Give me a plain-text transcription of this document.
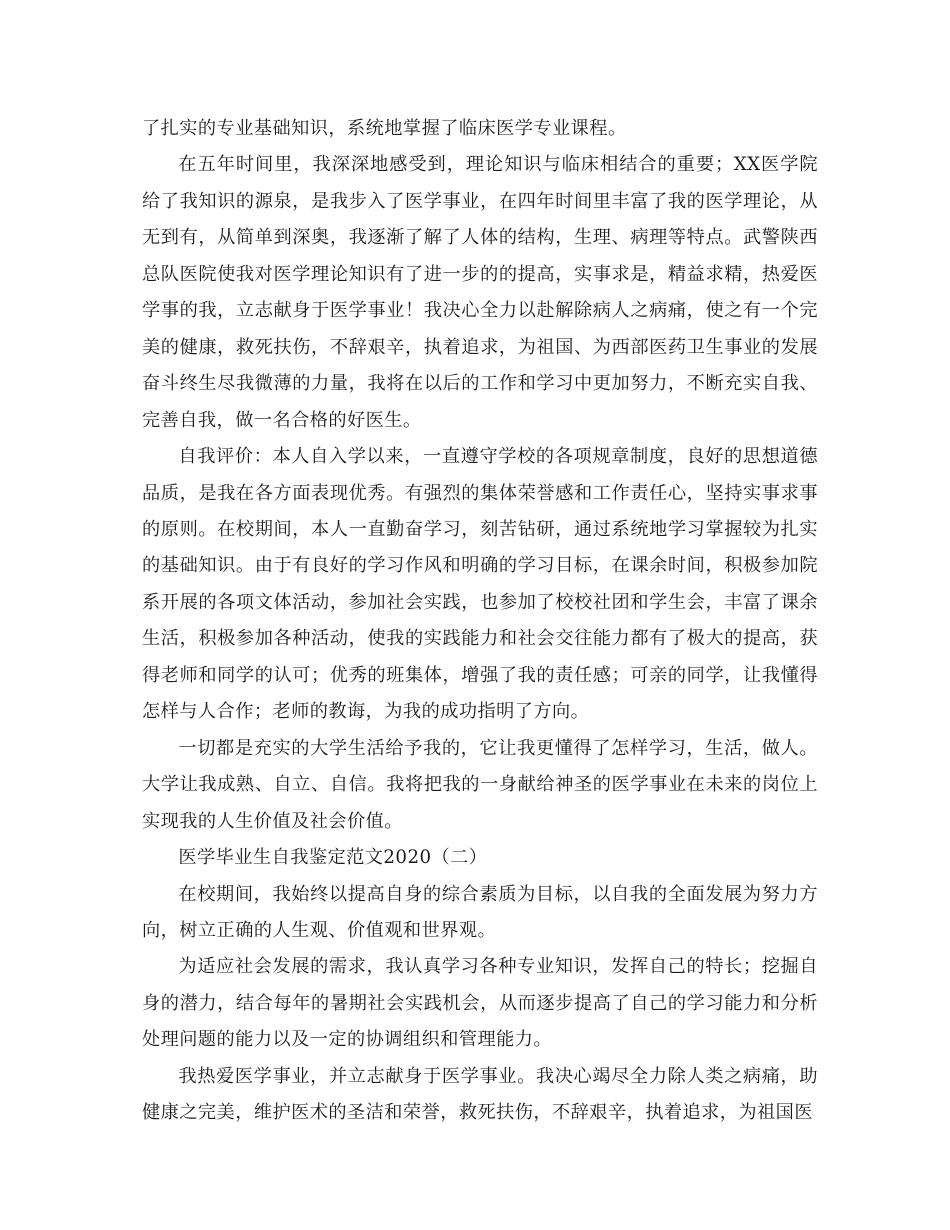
了扎实的专业基础知识，系统地掌握了临床医学专业课程。

在五年时间里，我深深地感受到，理论知识与临床相结合的重要；XX医学院给了我知识的源泉，是我步入了医学事业，在四年时间里丰富了我的医学理论，从无到有，从简单到深奥，我逐渐了解了人体的结构，生理、病理等特点。武警陕西总队医院使我对医学理论知识有了进一步的的提高，实事求是，精益求精，热爱医学事的我，立志献身于医学事业！我决心全力以赴解除病人之病痛，使之有一个完美的健康，救死扶伤，不辞艰辛，执着追求，为祖国、为西部医药卫生事业的发展奋斗终生尽我微薄的力量，我将在以后的工作和学习中更加努力，不断充实自我、完善自我，做一名合格的好医生。

自我评价：本人自入学以来，一直遵守学校的各项规章制度，良好的思想道德品质，是我在各方面表现优秀。有强烈的集体荣誉感和工作责任心，坚持实事求事的原则。在校期间，本人一直勤奋学习，刻苦钻研，通过系统地学习掌握较为扎实的基础知识。由于有良好的学习作风和明确的学习目标，在课余时间，积极参加院系开展的各项文体活动，参加社会实践，也参加了校校社团和学生会，丰富了课余生活，积极参加各种活动，使我的实践能力和社会交往能力都有了极大的提高，获得老师和同学的认可；优秀的班集体，增强了我的责任感；可亲的同学，让我懂得怎样与人合作；老师的教诲，为我的成功指明了方向。

一切都是充实的大学生活给予我的，它让我更懂得了怎样学习，生活，做人。大学让我成熟、自立、自信。我将把我的一身献给神圣的医学事业在未来的岗位上实现我的人生价值及社会价值。

医学毕业生自我鉴定范文2020（二）

在校期间，我始终以提高自身的综合素质为目标，以自我的全面发展为努力方向，树立正确的人生观、价值观和世界观。

为适应社会发展的需求，我认真学习各种专业知识，发挥自己的特长；挖掘自身的潜力，结合每年的暑期社会实践机会，从而逐步提高了自己的学习能力和分析处理问题的能力以及一定的协调组织和管理能力。

我热爱医学事业，并立志献身于医学事业。我决心竭尽全力除人类之病痛，助健康之完美，维护医术的圣洁和荣誉，救死扶伤，不辞艰辛，执着追求，为祖国医
